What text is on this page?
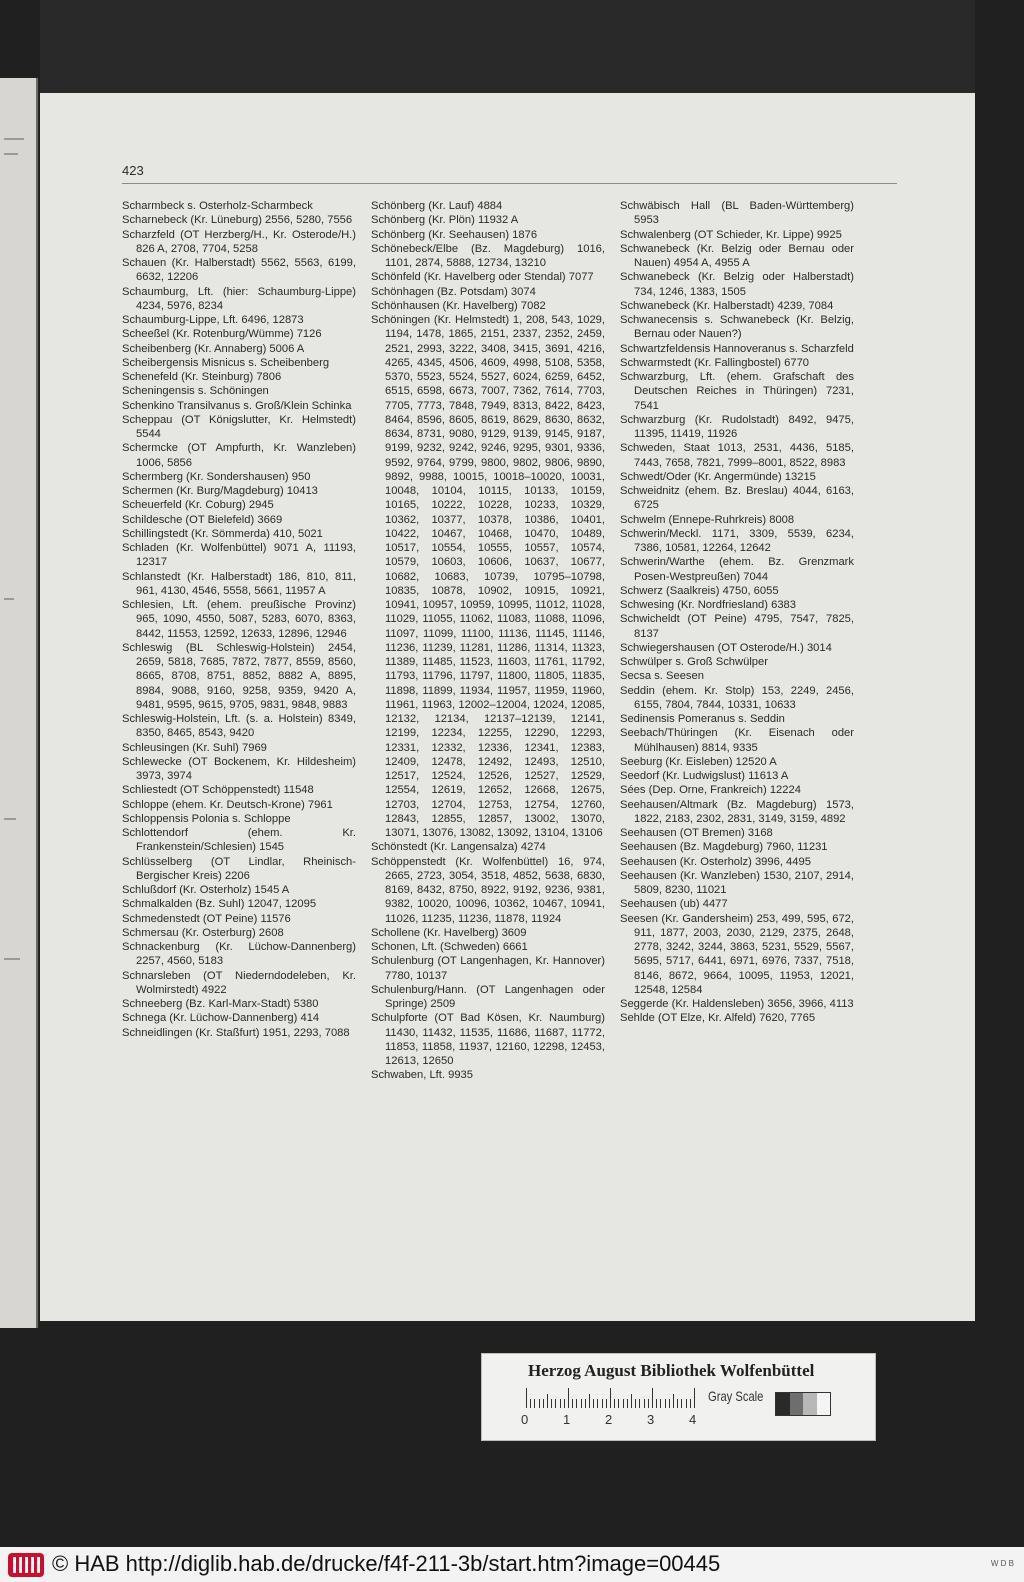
423
Scharmbeck s. Osterholz-Scharmbeck
Scharnebeck (Kr. Lüneburg) 2556, 5280, 7556
Scharzfeld (OT Herzberg/H., Kr. Osterode/H.) 826 A, 2708, 7704, 5258
Schauen (Kr. Halberstadt) 5562, 5563, 6199, 6632, 12206
Schaumburg, Lft. (hier: Schaumburg-Lippe) 4234, 5976, 8234
Schaumburg-Lippe, Lft. 6496, 12873
Scheeßel (Kr. Rotenburg/Wümme) 7126
Scheibenberg (Kr. Annaberg) 5006 A
Scheibergensis Misnicus s. Scheibenberg
Schenefeld (Kr. Steinburg) 7806
Scheningensis s. Schöningen
Schenkino Transilvanus s. Groß/Klein Schinka
Scheppau (OT Königslutter, Kr. Helmstedt) 5544
Schermcke (OT Ampfurth, Kr. Wanzleben) 1006, 5856
Schermberg (Kr. Sondershausen) 950
Schermen (Kr. Burg/Magdeburg) 10413
Scheuerfeld (Kr. Coburg) 2945
Schildesche (OT Bielefeld) 3669
Schillingstedt (Kr. Sömmerda) 410, 5021
Schladen (Kr. Wolfenbüttel) 9071 A, 11193, 12317
Schlanstedt (Kr. Halberstadt) 186, 810, 811, 961, 4130, 4546, 5558, 5661, 11957 A
Schlesien, Lft. (ehem. preußische Provinz) 965, 1090, 4550, 5087, 5283, 6070, 8363, 8442, 11553, 12592, 12633, 12896, 12946
Schleswig (BL Schleswig-Holstein) 2454, 2659, 5818, 7685, 7872, 7877, 8559, 8560, 8665, 8708, 8751, 8852, 8882 A, 8895, 8984, 9088, 9160, 9258, 9359, 9420 A, 9481, 9595, 9615, 9705, 9831, 9848, 9883
Schleswig-Holstein, Lft. (s. a. Holstein) 8349, 8350, 8465, 8543, 9420
Schleusingen (Kr. Suhl) 7969
Schlewecke (OT Bockenem, Kr. Hildesheim) 3973, 3974
Schliestedt (OT Schöppenstedt) 11548
Schloppe (ehem. Kr. Deutsch-Krone) 7961
Schloppensis Polonia s. Schloppe
Schlottendorf (ehem. Kr. Frankenstein/Schlesien) 1545
Schlüsselberg (OT Lindlar, Rheinisch-Bergischer Kreis) 2206
Schlußdorf (Kr. Osterholz) 1545 A
Schmalkalden (Bz. Suhl) 12047, 12095
Schmedenstedt (OT Peine) 11576
Schmersau (Kr. Osterburg) 2608
Schnackenburg (Kr. Lüchow-Dannenberg) 2257, 4560, 5183
Schnarsleben (OT Niederndodeleben, Kr. Wolmirstedt) 4922
Schneeberg (Bz. Karl-Marx-Stadt) 5380
Schnega (Kr. Lüchow-Dannenberg) 414
Schneidlingen (Kr. Staßfurt) 1951, 2293, 7088
Schönberg (Kr. Lauf) 4884
Schönberg (Kr. Plön) 11932 A
Schönberg (Kr. Seehausen) 1876
Schönebeck/Elbe (Bz. Magdeburg) 1016, 1101, 2874, 5888, 12734, 13210
Schönfeld (Kr. Havelberg oder Stendal) 7077
Schönhagen (Bz. Potsdam) 3074
Schönhausen (Kr. Havelberg) 7082
Schöningen (Kr. Helmstedt) 1, 208, 543, 1029, 1194, 1478, 1865, 2151, 2337, 2352, 2459, 2521, 2993, 3222, 3408, 3415, 3691, 4216, 4265, 4345, 4506, 4609, 4998, 5108, 5358, 5370, 5523, 5524, 5527, 6024, 6259, 6452, 6515, 6598, 6673, 7007, 7362, 7614, 7703, 7705, 7773, 7848, 7949, 8313, 8422, 8423, 8464, 8596, 8605, 8619, 8629, 8630, 8632, 8634, 8731, 9080, 9129, 9139, 9145, 9187, 9199, 9232, 9242, 9246, 9295, 9301, 9336, 9592, 9764, 9799, 9800, 9802, 9806, 9890, 9892, 9988, 10015, 10018–10020, 10031, 10048, 10104, 10115, 10133, 10159, 10165, 10222, 10228, 10233, 10329, 10362, 10377, 10378, 10386, 10401, 10422, 10467, 10468, 10470, 10489, 10517, 10554, 10555, 10557, 10574, 10579, 10603, 10606, 10637, 10677, 10682, 10683, 10739, 10795–10798, 10835, 10878, 10902, 10915, 10921, 10941, 10957, 10959, 10995, 11012, 11028, 11029, 11055, 11062, 11083, 11088, 11096, 11097, 11099, 11100, 11136, 11145, 11146, 11236, 11239, 11281, 11286, 11314, 11323, 11389, 11485, 11523, 11603, 11761, 11792, 11793, 11796, 11797, 11800, 11805, 11835, 11898, 11899, 11934, 11957, 11959, 11960, 11961, 11963, 12002–12004, 12024, 12085, 12132, 12134, 12137–12139, 12141, 12199, 12234, 12255, 12290, 12293, 12331, 12332, 12336, 12341, 12383, 12409, 12478, 12492, 12493, 12510, 12517, 12524, 12526, 12527, 12529, 12554, 12619, 12652, 12668, 12675, 12703, 12704, 12753, 12754, 12760, 12843, 12855, 12857, 13002, 13070, 13071, 13076, 13082, 13092, 13104, 13106
Schönstedt (Kr. Langensalza) 4274
Schöppenstedt (Kr. Wolfenbüttel) 16, 974, 2665, 2723, 3054, 3518, 4852, 5638, 6830, 8169, 8432, 8750, 8922, 9192, 9236, 9381, 9382, 10020, 10096, 10362, 10467, 10941, 11026, 11235, 11236, 11878, 11924
Schollene (Kr. Havelberg) 3609
Schonen, Lft. (Schweden) 6661
Schulenburg (OT Langenhagen, Kr. Hannover) 7780, 10137
Schulenburg/Hann. (OT Langenhagen oder Springe) 2509
Schulpforte (OT Bad Kösen, Kr. Naumburg) 11430, 11432, 11535, 11686, 11687, 11772, 11853, 11858, 11937, 12160, 12298, 12453, 12613, 12650
Schwaben, Lft. 9935
Schwäbisch Hall (BL Baden-Württemberg) 5953
Schwalenberg (OT Schieder, Kr. Lippe) 9925
Schwanebeck (Kr. Belzig oder Bernau oder Nauen) 4954 A, 4955 A
Schwanebeck (Kr. Belzig oder Halberstadt) 734, 1246, 1383, 1505
Schwanebeck (Kr. Halberstadt) 4239, 7084
Schwanecensis s. Schwanebeck (Kr. Belzig, Bernau oder Nauen?)
Schwartzfeldensis Hannoveranus s. Scharzfeld
Schwarmstedt (Kr. Fallingbostel) 6770
Schwarzburg, Lft. (ehem. Grafschaft des Deutschen Reiches in Thüringen) 7231, 7541
Schwarzburg (Kr. Rudolstadt) 8492, 9475, 11395, 11419, 11926
Schweden, Staat 1013, 2531, 4436, 5185, 7443, 7658, 7821, 7999–8001, 8522, 8983
Schwedt/Oder (Kr. Angermünde) 13215
Schweidnitz (ehem. Bz. Breslau) 4044, 6163, 6725
Schwelm (Ennepe-Ruhrkreis) 8008
Schwerin/Meckl. 1171, 3309, 5539, 6234, 7386, 10581, 12264, 12642
Schwerin/Warthe (ehem. Bz. Grenzmark Posen-Westpreußen) 7044
Schwerz (Saalkreis) 4750, 6055
Schwesing (Kr. Nordfriesland) 6383
Schwicheldt (OT Peine) 4795, 7547, 7825, 8137
Schwiegershausen (OT Osterode/H.) 3014
Schwülper s. Groß Schwülper
Secsa s. Seesen
Seddin (ehem. Kr. Stolp) 153, 2249, 2456, 6155, 7804, 7844, 10331, 10633
Sedinensis Pomeranus s. Seddin
Seebach/Thüringen (Kr. Eisenach oder Mühlhausen) 8814, 9335
Seeburg (Kr. Eisleben) 12520 A
Seedorf (Kr. Ludwigslust) 11613 A
Sées (Dep. Orne, Frankreich) 12224
Seehausen/Altmark (Bz. Magdeburg) 1573, 1822, 2183, 2302, 2831, 3149, 3159, 4892
Seehausen (OT Bremen) 3168
Seehausen (Bz. Magdeburg) 7960, 11231
Seehausen (Kr. Osterholz) 3996, 4495
Seehausen (Kr. Wanzleben) 1530, 2107, 2914, 5809, 8230, 11021
Seehausen (ub) 4477
Seesen (Kr. Gandersheim) 253, 499, 595, 672, 911, 1877, 2003, 2030, 2129, 2375, 2648, 2778, 3242, 3244, 3863, 5231, 5529, 5567, 5695, 5717, 6441, 6971, 6976, 7337, 7518, 8146, 8672, 9664, 10095, 11953, 12021, 12548, 12584
Seggerde (Kr. Haldensleben) 3656, 3966, 4113
Sehlde (OT Elze, Kr. Alfeld) 7620, 7765
Herzog August Bibliothek Wolfenbüttel
0	1	2	3	4
Gray Scale
© HAB http://diglib.hab.de/drucke/f4f-211-3b/start.htm?image=00445	W D B
